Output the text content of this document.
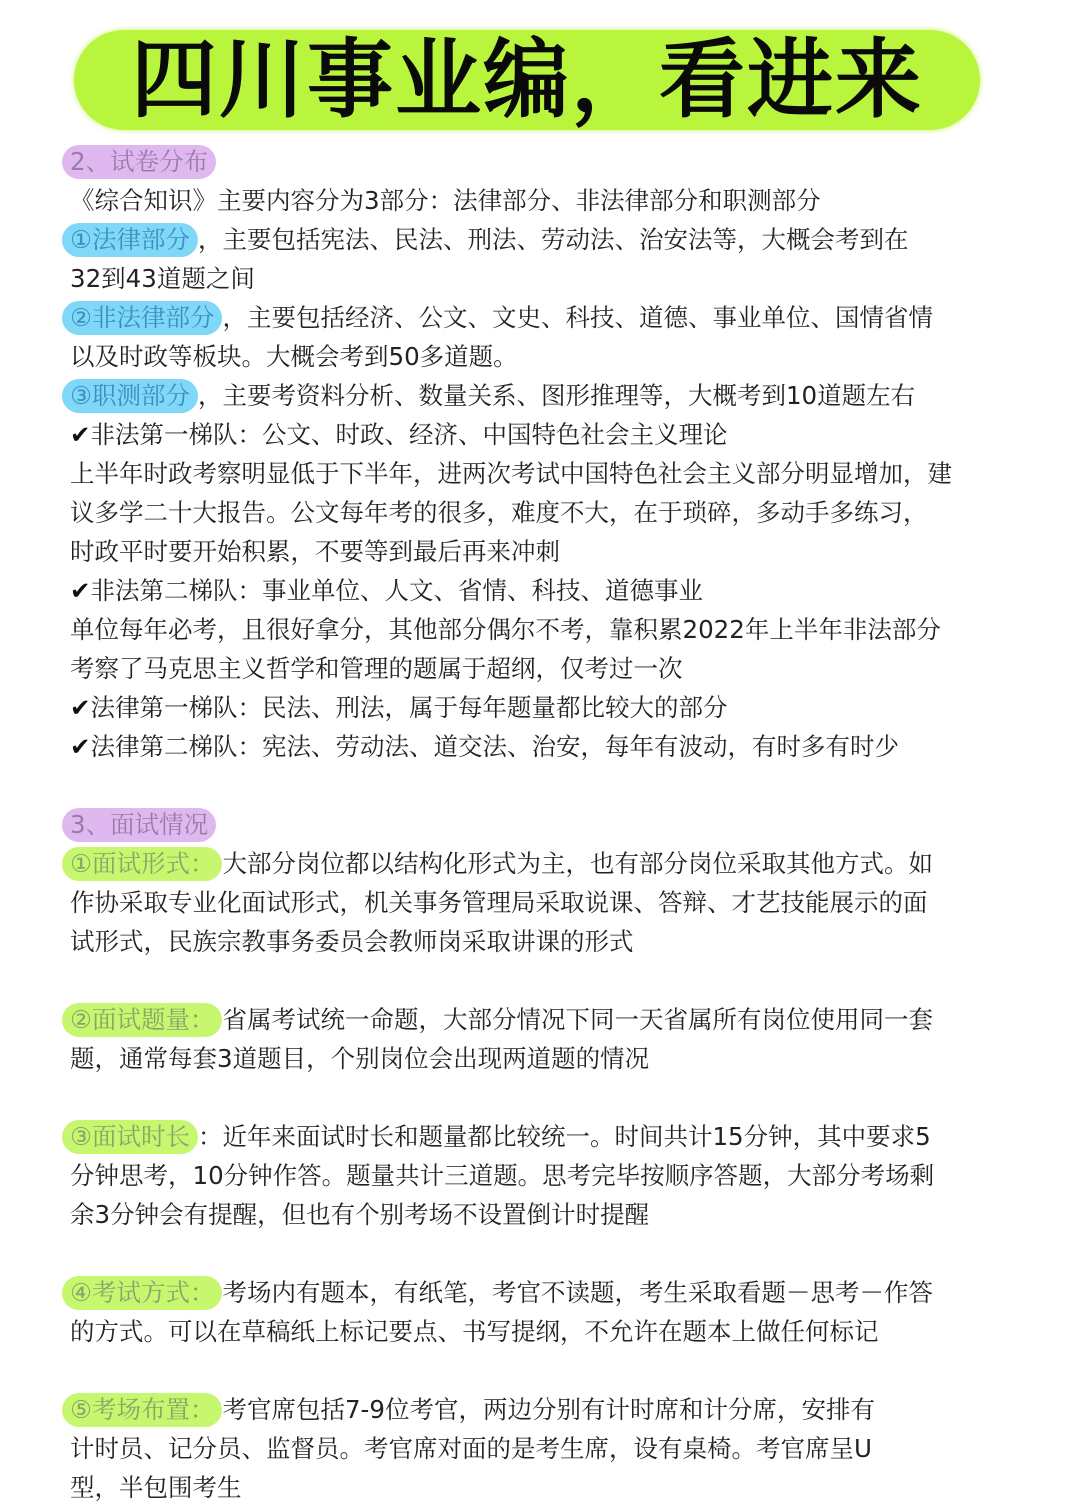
四川事业编，看进来
2、试卷分布
《综合知识》主要内容分为3部分：法律部分、非法律部分和职测部分
①法律部分 ，主要包括宪法、民法、刑法、劳动法、治安法等，大概会考到在
32到43道题之间
②非法律部分 ，主要包括经济、公文、文史、科技、道德、事业单位、国情省情
以及时政等板块。大概会考到50多道题。
③职测部分 ，主要考资料分析、数量关系、图形推理等，大概考到10道题左右
✔非法第一梯队：公文、时政、经济、中国特色社会主义理论
上半年时政考察明显低于下半年，进两次考试中国特色社会主义部分明显增加，建
议多学二十大报告。公文每年考的很多，难度不大，在于琐碎，多动手多练习，
时政平时要开始积累，不要等到最后再来冲刺
✔非法第二梯队：事业单位、人文、省情、科技、道德事业
单位每年必考，且很好拿分，其他部分偶尔不考，靠积累2022年上半年非法部分
考察了马克思主义哲学和管理的题属于超纲，仅考过一次
✔法律第一梯队：民法、刑法，属于每年题量都比较大的部分
✔法律第二梯队：宪法、劳动法、道交法、治安，每年有波动，有时多有时少
3、面试情况
①面试形式： 大部分岗位都以结构化形式为主，也有部分岗位采取其他方式。如
作协采取专业化面试形式，机关事务管理局采取说课、答辩、才艺技能展示的面
试形式，民族宗教事务委员会教师岗采取讲课的形式
②面试题量： 省属考试统一命题，大部分情况下同一天省属所有岗位使用同一套
题，通常每套3道题目，个别岗位会出现两道题的情况
③面试时长 ：近年来面试时长和题量都比较统一。时间共计15分钟，其中要求5
分钟思考，10分钟作答。题量共计三道题。思考完毕按顺序答题，大部分考场剩
余3分钟会有提醒，但也有个别考场不设置倒计时提醒
④考试方式： 考场内有题本，有纸笔，考官不读题，考生采取看题－思考－作答
的方式。可以在草稿纸上标记要点、书写提纲，不允许在题本上做任何标记
⑤考场布置： 考官席包括7-9位考官，两边分别有计时席和计分席，安排有
计时员、记分员、监督员。考官席对面的是考生席，设有桌椅。考官席呈U
型，半包围考生
